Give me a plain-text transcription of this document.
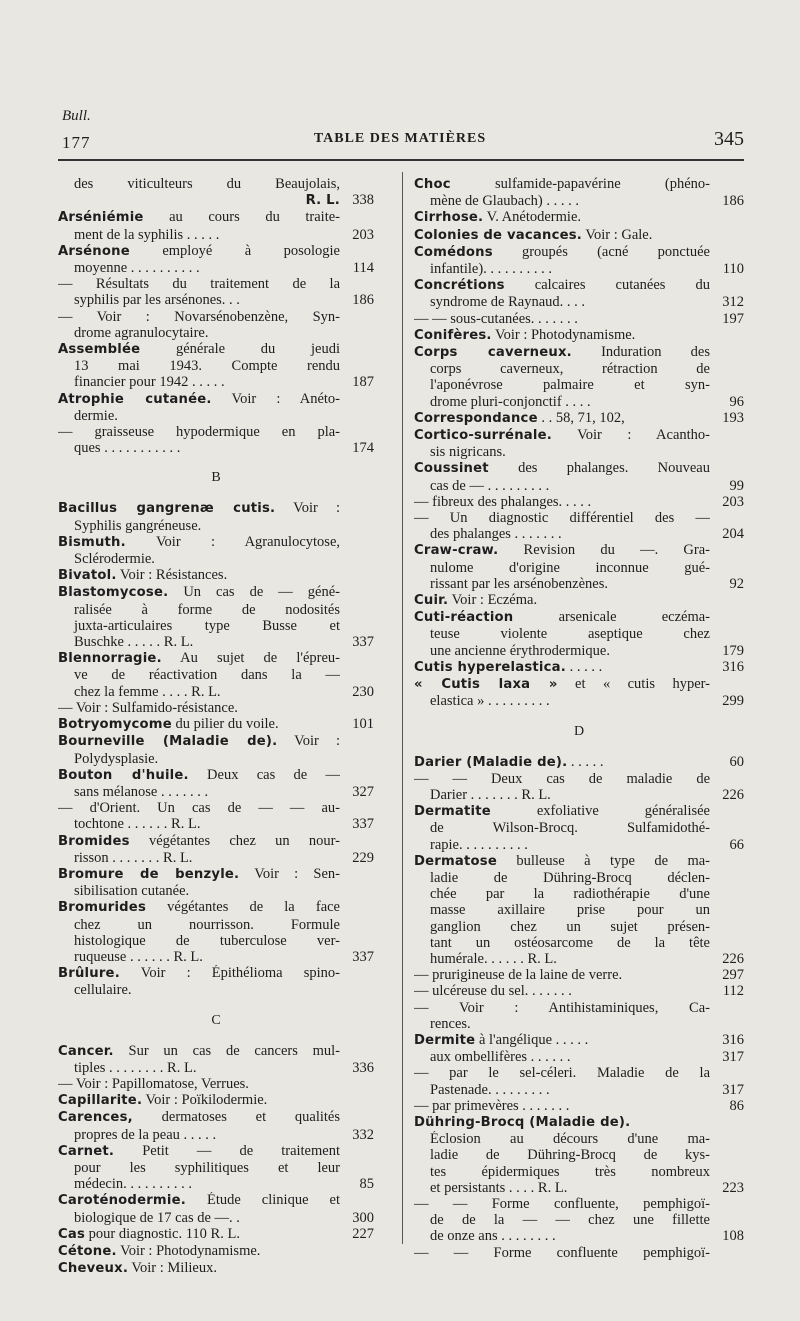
Bull.
177	TABLE DES MATIÈRES	345
des viticulteurs du Beaujolais,
R. L. 338
Arséniémie au cours du traite-
ment de la syphilis . . . . .	203
Arsénone employé à posologie
moyenne . . . . . . . . . .	114
— Résultats du traitement de la
syphilis par les arsénones. . .	186
— Voir : Novarsénobenzène, Syn-
drome agranulocytaire.
Assemblée générale du jeudi
13 mai 1943. Compte rendu
financier pour 1942 . . . . .	187
Atrophie cutanée. Voir : Anéto-
dermie.
— graisseuse hypodermique en pla-
ques . . . . . . . . . . .	174
B
Bacillus gangrenæ cutis. Voir :
Syphilis gangréneuse.
Bismuth. Voir : Agranulocytose,
Sclérodermie.
Bivatol. Voir : Résistances.
Blastomycose. Un cas de — géné-
ralisée à forme de nodosités
juxta-articulaires type Busse et
Buschke . . . . . R. L.	337
Blennorragie. Au sujet de l'épreu-
ve de réactivation dans la —
chez la femme . . . . R. L.	230
— Voir : Sulfamido-résistance.
Botryomycome du pilier du voile.	101
Bourneville (Maladie de). Voir :
Polydysplasie.
Bouton d'huile. Deux cas de —
sans mélanose . . . . . . .	327
— d'Orient. Un cas de — — au-
tochtone . . . . . . R. L.	337
Bromides végétantes chez un nour-
risson . . . . . . . R. L.	229
Bromure de benzyle. Voir : Sen-
sibilisation cutanée.
Bromurides végétantes de la face
chez un nourrisson. Formule
histologique de tuberculose ver-
ruqueuse . . . . . . R. L.	337
Brûlure. Voir : Épithélioma spino-
cellulaire.
C
Cancer. Sur un cas de cancers mul-
tiples . . . . . . . . R. L.	336
— Voir : Papillomatose, Verrues.
Capillarite. Voir : Poïkilodermie.
Carences, dermatoses et qualités
propres de la peau . . . . .	332
Carnet. Petit — de traitement
pour les syphilitiques et leur
médecin. . . . . . . . . .	85
Caroténodermie. Étude clinique et
biologique de 17 cas de —. .	300
Cas pour diagnostic. 110 R. L.	227
Cétone. Voir : Photodynamisme.
Cheveux. Voir : Milieux.
Choc sulfamide-papavérine (phéno-
mène de Glaubach) . . . . .	186
Cirrhose. V. Anétodermie.
Colonies de vacances. Voir : Gale.
Comédons groupés (acné ponctuée
infantile). . . . . . . . . .	110
Concrétions calcaires cutanées du
syndrome de Raynaud. . . .	312
— — sous-cutanées. . . . . . .	197
Conifères. Voir : Photodynamisme.
Corps caverneux. Induration des
corps caverneux, rétraction de
l'aponévrose palmaire et syn-
drome pluri-conjonctif . . . .	96
Correspondance . . 58, 71, 102,	193
Cortico-surrénale. Voir : Acantho-
sis nigricans.
Coussinet des phalanges. Nouveau
cas de — . . . . . . . . .	99
— fibreux des phalanges. . . . .	203
— Un diagnostic différentiel des —
des phalanges . . . . . . .	204
Craw-craw. Revision du —. Gra-
nulome d'origine inconnue gué-
rissant par les arsénobenzènes.	92
Cuir. Voir : Eczéma.
Cuti-réaction arsenicale eczéma-
teuse violente aseptique chez
une ancienne érythrodermique.	179
Cutis hyperelastica. . . . . .	316
« Cutis laxa » et « cutis hyper-
elastica » . . . . . . . . .	299
D
Darier (Maladie de). . . . . .	60
— — Deux cas de maladie de
Darier . . . . . . . R. L.	226
Dermatite exfoliative généralisée
de Wilson-Brocq. Sulfamidothé-
rapie. . . . . . . . . .	66
Dermatose bulleuse à type de ma-
ladie de Dühring-Brocq déclen-
chée par la radiothérapie d'une
masse axillaire prise pour un
ganglion chez un sujet présen-
tant un ostéosarcome de la tête
humérale. . . . . . R. L.	226
— prurigineuse de la laine de verre.	297
— ulcéreuse du sel. . . . . . .	112
— Voir : Antihistaminiques, Ca-
rences.
Dermite à l'angélique . . . . .	316
aux ombellifères . . . . . .	317
— par le sel-céleri. Maladie de la
Pastenade. . . . . . . . .	317
— par primevères . . . . . . .	86
Dühring-Brocq (Maladie de).
Éclosion au décours d'une ma-
ladie de Dühring-Brocq de kys-
tes épidermiques très nombreux
et persistants . . . . R. L.	223
— — Forme confluente, pemphigoï-
de de la — — chez une fillette
de onze ans . . . . . . . .	108
— — Forme confluente pemphigoï-
